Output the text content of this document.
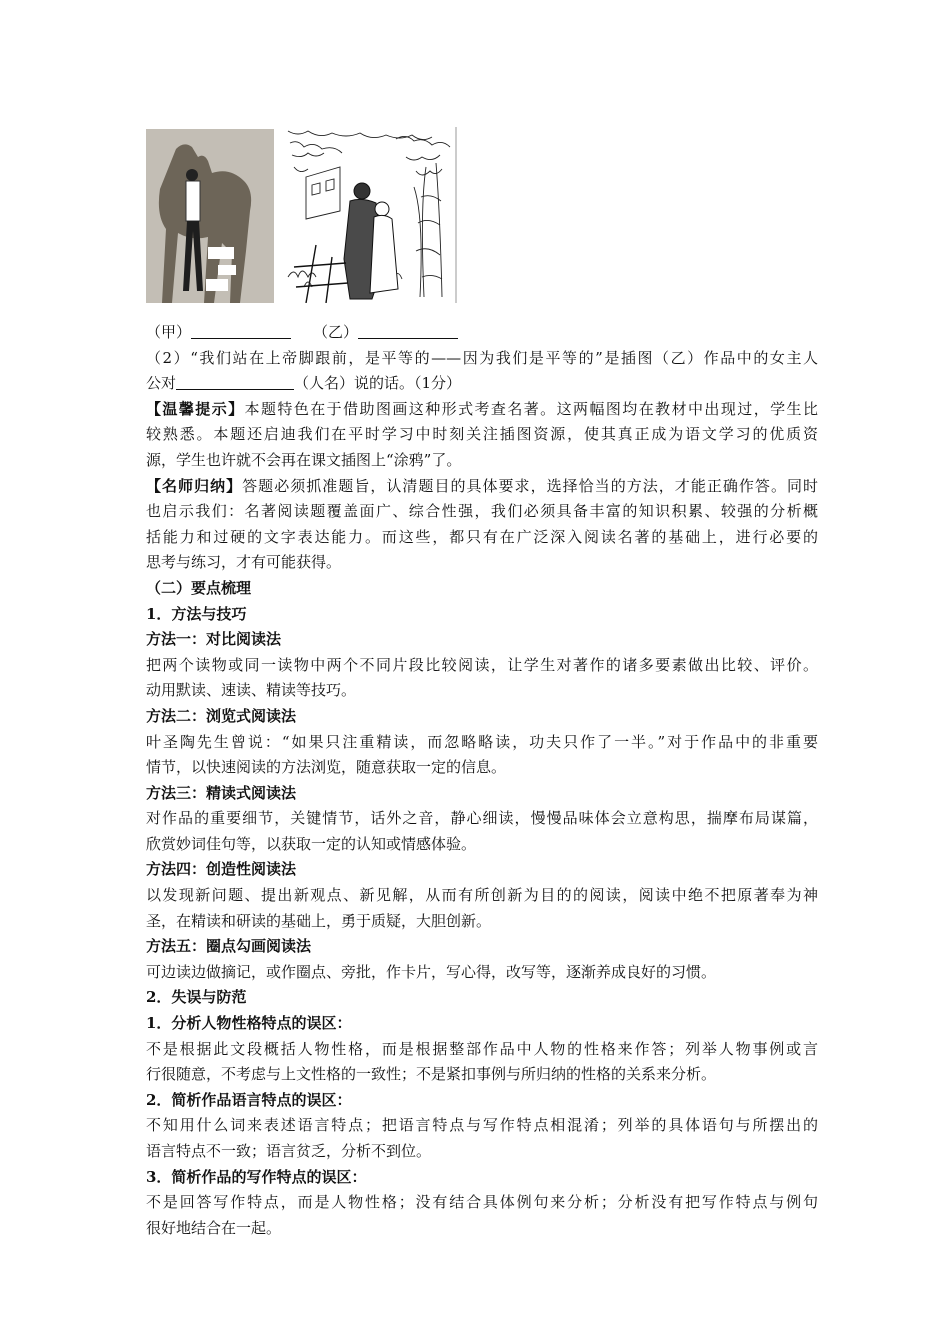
（甲）	（乙）
（2）“我们站在上帝脚跟前，是平等的——因为我们是平等的”是插图（乙）作品中的女主人
公对	（人名）说的话。（1分）
【温馨提示】本题特色在于借助图画这种形式考查名著。这两幅图均在教材中出现过，学生比
较熟悉。本题还启迪我们在平时学习中时刻关注插图资源，使其真正成为语文学习的优质资
源，学生也许就不会再在课文插图上“涂鸦”了。
【名师归纳】答题必须抓准题旨，认清题目的具体要求，选择恰当的方法，才能正确作答。同时
也启示我们：名著阅读题覆盖面广、综合性强，我们必须具备丰富的知识积累、较强的分析概
括能力和过硬的文字表达能力。而这些，都只有在广泛深入阅读名著的基础上，进行必要的
思考与练习，才有可能获得。
（二）要点梳理
1．方法与技巧
方法一：对比阅读法
把两个读物或同一读物中两个不同片段比较阅读，让学生对著作的诸多要素做出比较、评价。
动用默读、速读、精读等技巧。
方法二：浏览式阅读法
叶圣陶先生曾说：“如果只注重精读，而忽略略读，功夫只作了一半。”对于作品中的非重要
情节，以快速阅读的方法浏览，随意获取一定的信息。
方法三：精读式阅读法
对作品的重要细节，关键情节，话外之音，静心细读，慢慢品味体会立意构思，揣摩布局谋篇，
欣赏妙词佳句等，以获取一定的认知或情感体验。
方法四：创造性阅读法
以发现新问题、提出新观点、新见解，从而有所创新为目的的阅读，阅读中绝不把原著奉为神
圣，在精读和研读的基础上，勇于质疑，大胆创新。
方法五：圈点勾画阅读法
可边读边做摘记，或作圈点、旁批，作卡片，写心得，改写等，逐渐养成良好的习惯。
2．失误与防范
1．分析人物性格特点的误区：
不是根据此文段概括人物性格，而是根据整部作品中人物的性格来作答；列举人物事例或言
行很随意，不考虑与上文性格的一致性；不是紧扣事例与所归纳的性格的关系来分析。
2．简析作品语言特点的误区：
不知用什么词来表述语言特点；把语言特点与写作特点相混淆；列举的具体语句与所摆出的
语言特点不一致；语言贫乏，分析不到位。
3．简析作品的写作特点的误区：
不是回答写作特点，而是人物性格；没有结合具体例句来分析；分析没有把写作特点与例句
很好地结合在一起。
